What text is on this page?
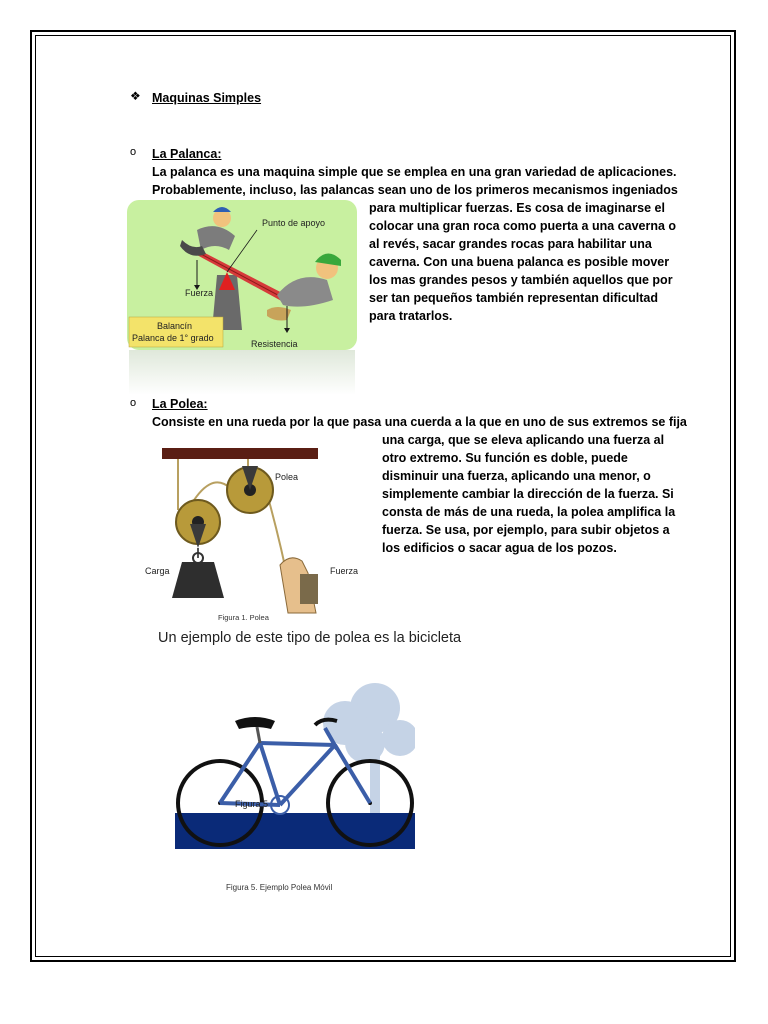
❖ Maquinas Simples
o La Palanca:
La palanca es una maquina simple que se emplea en una gran variedad de aplicaciones.
Probablemente, incluso, las palancas sean uno de los primeros mecanismos ingeniados
para multiplicar fuerzas. Es cosa de imaginarse el
colocar una gran roca como puerta a una caverna o
al revés, sacar grandes rocas para habilitar una
caverna. Con una buena palanca es posible mover
los mas grandes pesos y también aquellos que por
ser tan pequeños también representan dificultad
para tratarlos.
Punto de apoyo
Fuerza
Resistencia
Balancín
Palanca de 1° grado
o La Polea:
Consiste en una rueda por la que pasa una cuerda a la que en uno de sus extremos se fija
una carga, que se eleva aplicando una fuerza al
otro extremo. Su función es doble, puede
disminuir una fuerza, aplicando una menor, o
simplemente cambiar la dirección de la fuerza. Si
consta de más de una rueda, la polea amplifica la
fuerza. Se usa, por ejemplo, para subir objetos a
los edificios o sacar agua de los pozos.
Polea
Carga	Fuerza
Figura 1. Polea
Un ejemplo de este tipo de polea es la bicicleta
Figura 5
Figura 5. Ejemplo Polea Móvil
